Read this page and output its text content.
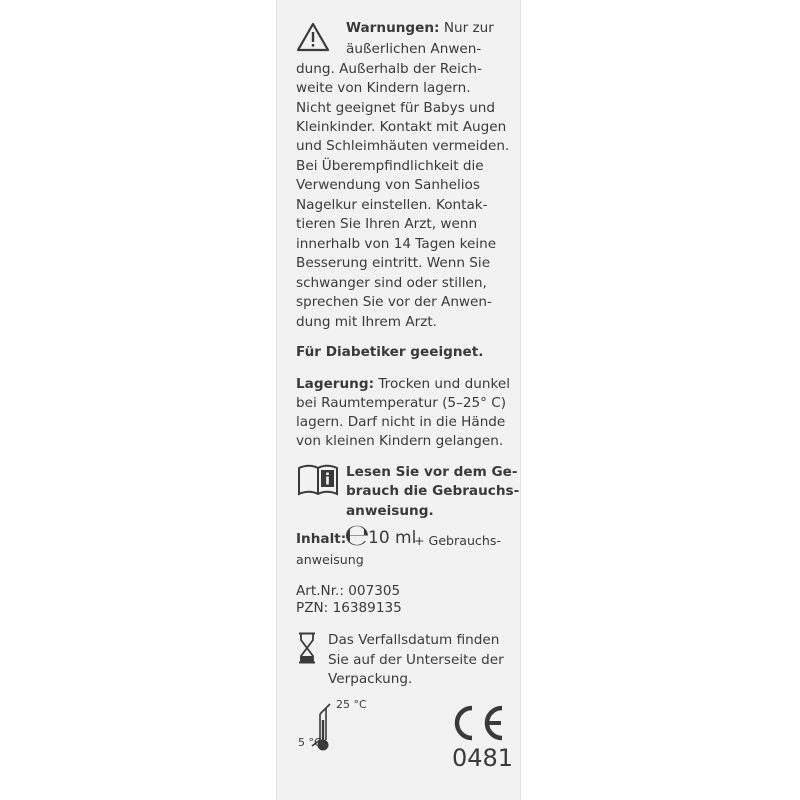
Warnungen: Nur zur
äußerlichen Anwen-
dung. Außerhalb der Reich-
weite von Kindern lagern.
Nicht geeignet für Babys und
Kleinkinder. Kontakt mit Augen
und Schleimhäuten vermeiden.
Bei Überempfindlichkeit die
Verwendung von Sanhelios
Nagelkur einstellen. Kontak-
tieren Sie Ihren Arzt, wenn
innerhalb von 14 Tagen keine
Besserung eintritt. Wenn Sie
schwanger sind oder stillen,
sprechen Sie vor der Anwen-
dung mit Ihrem Arzt.
Für Diabetiker geeignet.
Lagerung: Trocken und dunkel
bei Raumtemperatur (5–25° C)
lagern. Darf nicht in die Hände
von kleinen Kindern gelangen.
Lesen Sie vor dem Ge-
brauch die Gebrauchs-
anweisung.
Inhalt:
℮
10 ml
+ Gebrauchs-
anweisung
Art.Nr.: 007305
PZN: 16389135
Das Verfallsdatum finden
Sie auf der Unterseite der
Verpackung.
25 °C
5 °C
0481
